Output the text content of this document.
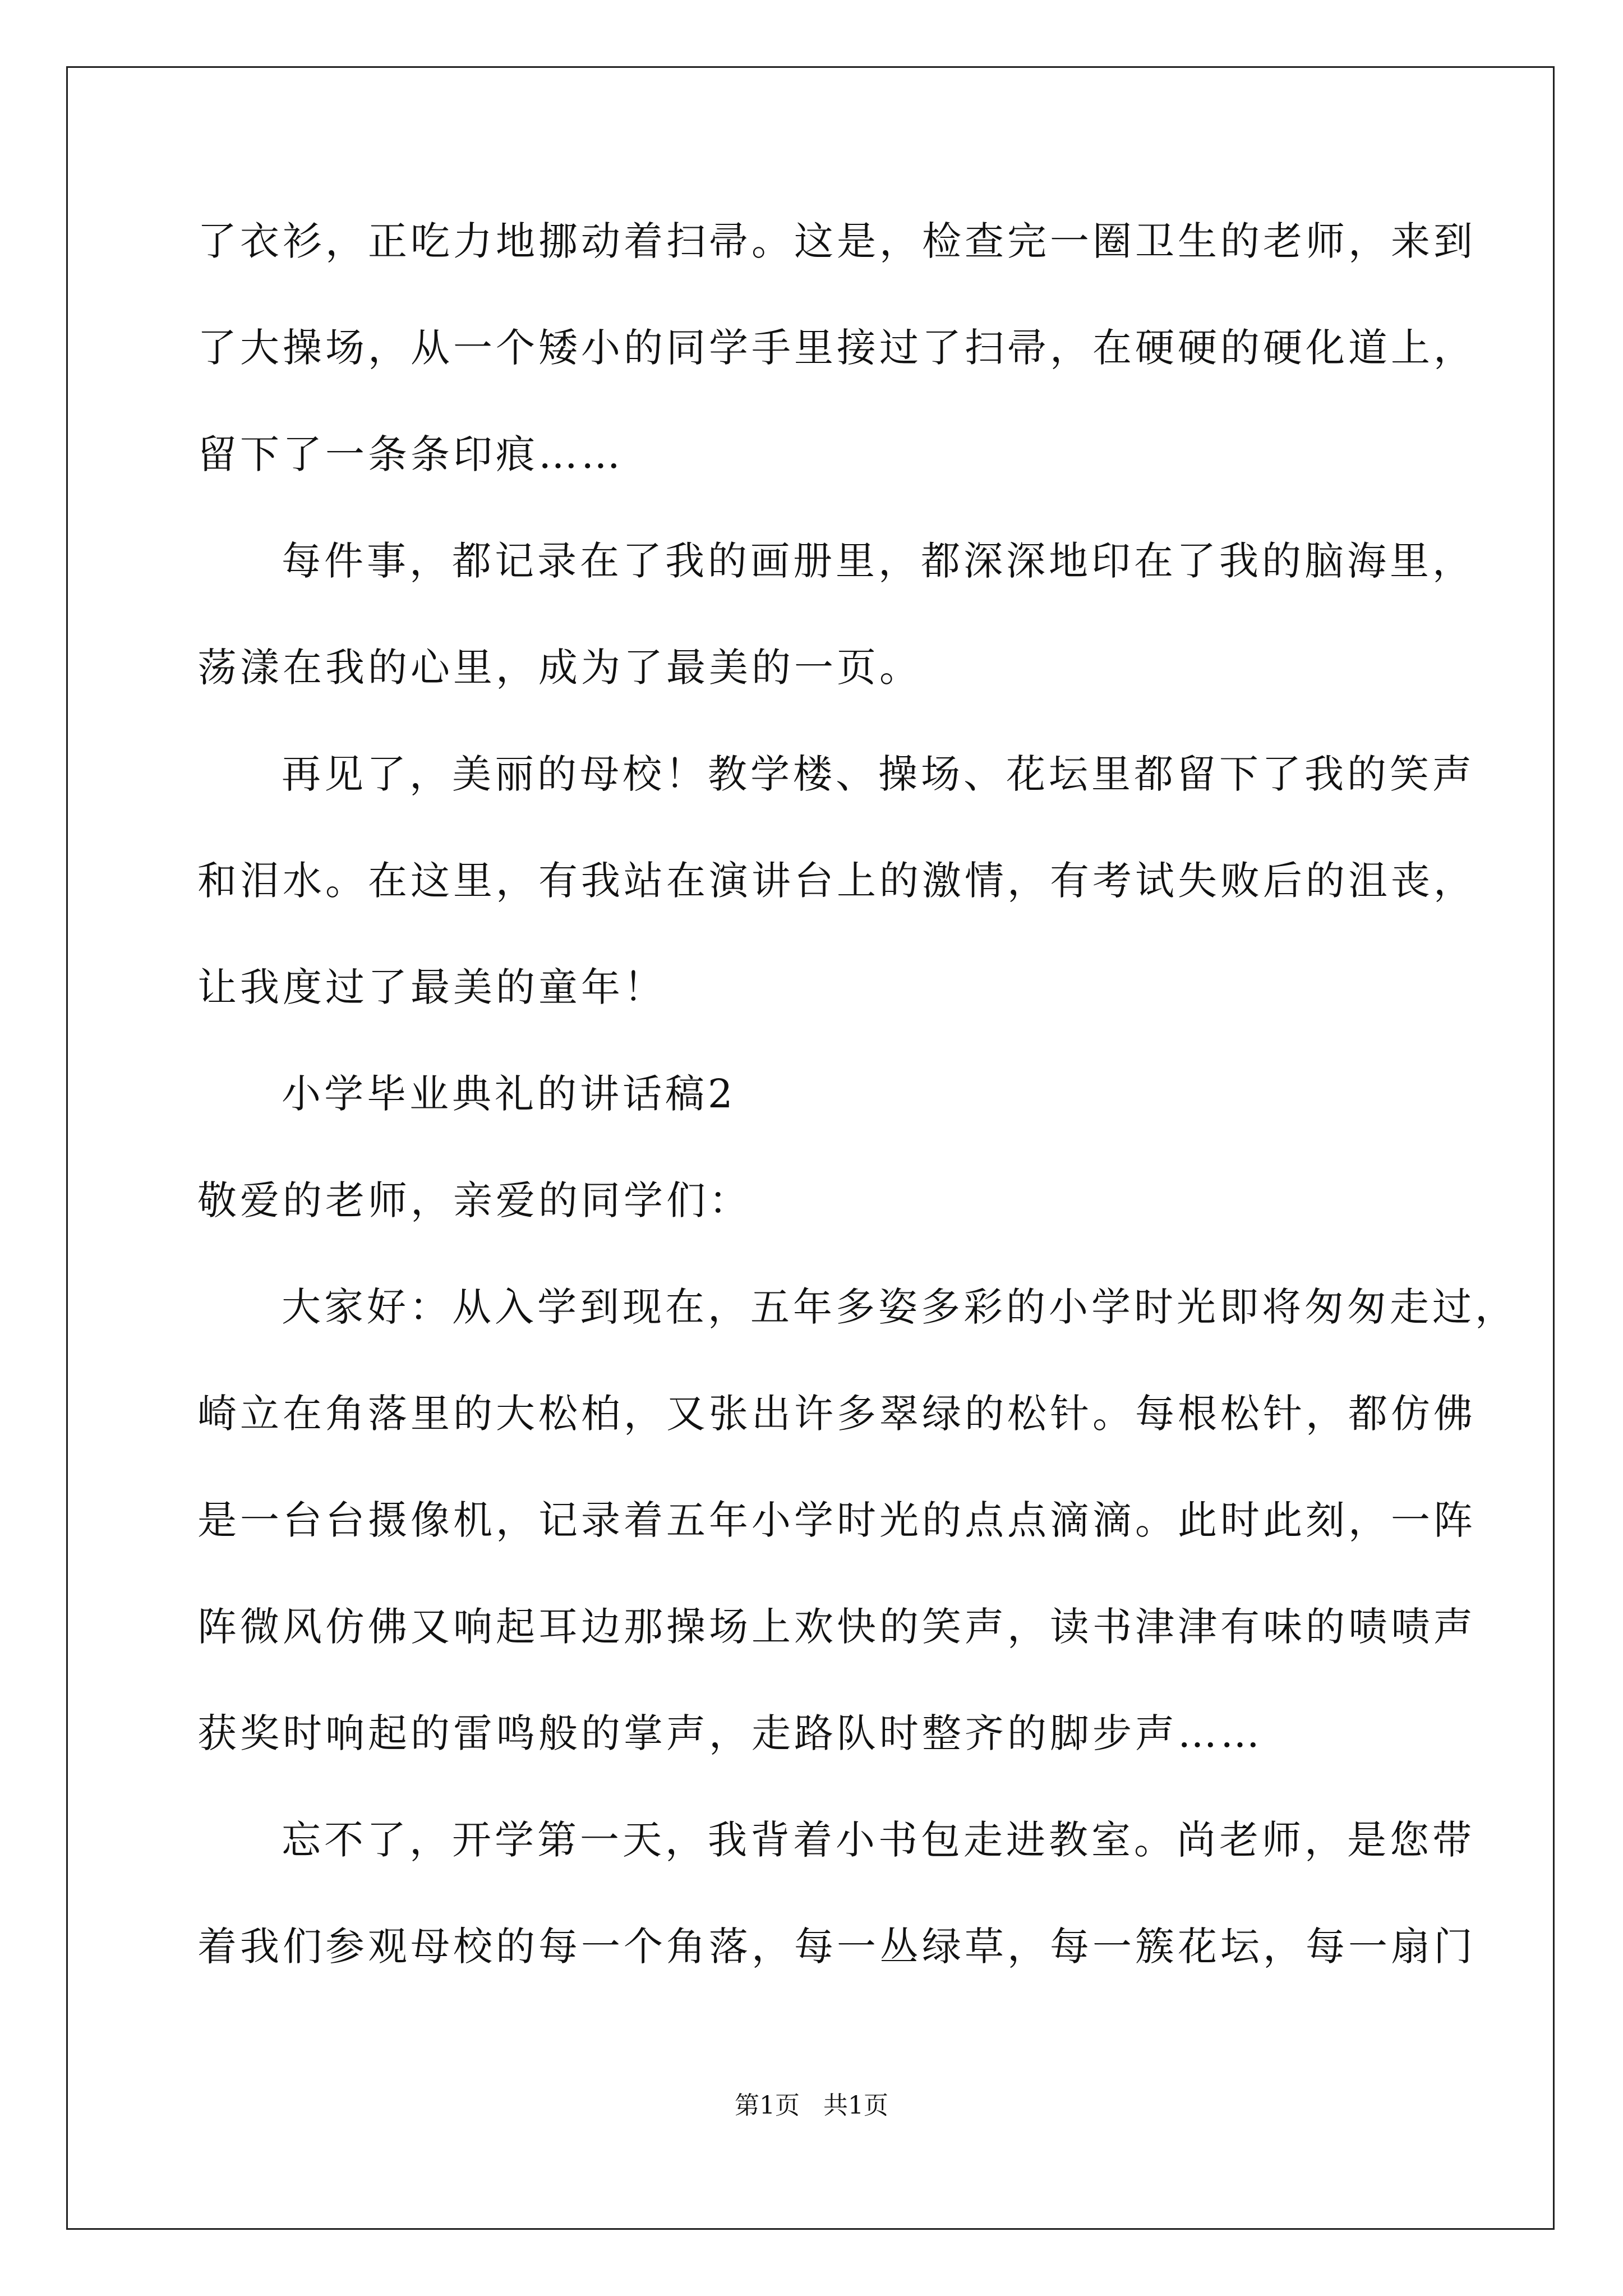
了衣衫，正吃力地挪动着扫帚。这是，检查完一圈卫生的老师，来到
了大操场，从一个矮小的同学手里接过了扫帚，在硬硬的硬化道上，
留下了一条条印痕……
每件事，都记录在了我的画册里，都深深地印在了我的脑海里，
荡漾在我的心里，成为了最美的一页。
再见了，美丽的母校！教学楼、操场、花坛里都留下了我的笑声
和泪水。在这里，有我站在演讲台上的激情，有考试失败后的沮丧，
让我度过了最美的童年！
小学毕业典礼的讲话稿2
敬爱的老师，亲爱的同学们：
大家好：从入学到现在，五年多姿多彩的小学时光即将匆匆走过，
崎立在角落里的大松柏，又张出许多翠绿的松针。每根松针，都仿佛
是一台台摄像机，记录着五年小学时光的点点滴滴。此时此刻，一阵
阵微风仿佛又响起耳边那操场上欢快的笑声，读书津津有味的啧啧声
获奖时响起的雷鸣般的掌声，走路队时整齐的脚步声……
忘不了，开学第一天，我背着小书包走进教室。尚老师，是您带
着我们参观母校的每一个角落，每一丛绿草，每一簇花坛，每一扇门
第1页   共1页
